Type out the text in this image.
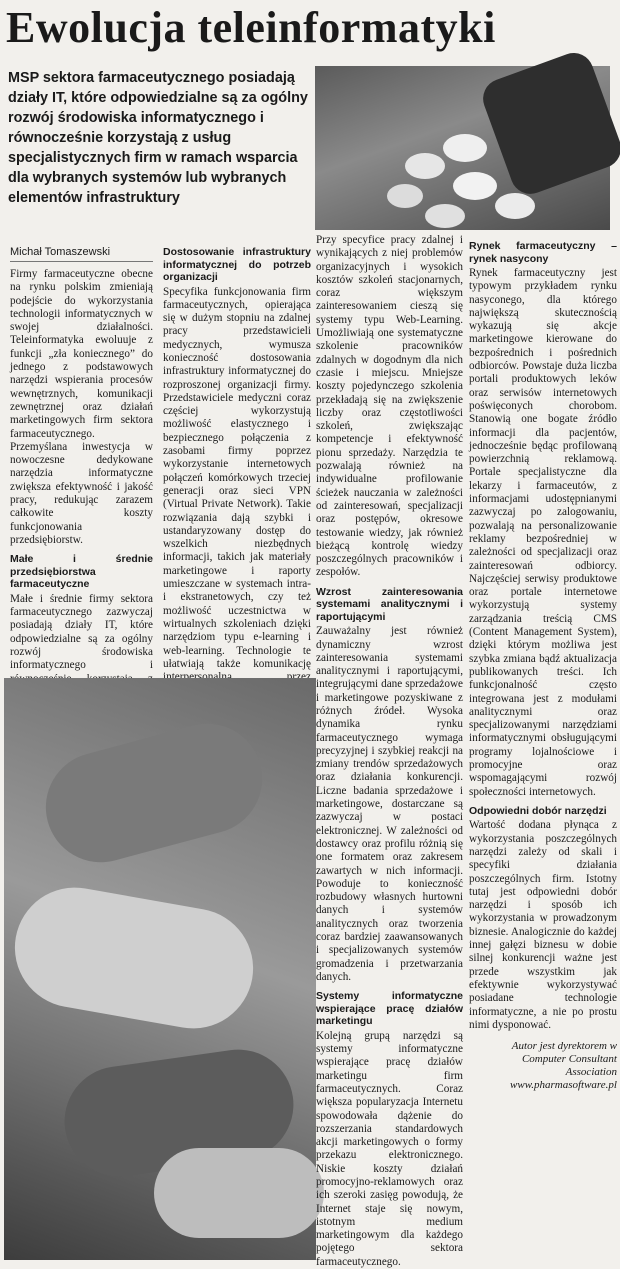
Ewolucja teleinformatyki
MSP sektora farmaceutycznego posiadają działy IT, które odpowiedzialne są za ogólny rozwój środowiska informatycznego i równocześnie korzystają z usług specjalistycznych firm w ramach wsparcia dla wybranych systemów lub wybranych elementów infrastruktury
Michał Tomaszewski

Firmy farmaceutyczne obecne na rynku polskim zmieniają podejście do wykorzystania technologii informatycznych w swojej działalności. Teleinformatyka ewoluuje z funkcji „zła koniecznego” do jednego z podstawowych narzędzi wspierania procesów wewnętrznych, komunikacji zewnętrznej oraz działań marketingowych firm sektora farmaceutycznego. Przemyślana inwestycja w nowoczesne dedykowane narzędzia informatyczne zwiększa efektywność i jakość pracy, redukując zarazem całkowite koszty funkcjonowania przedsiębiorstw.

Małe i średnie przedsiębiorstwa farmaceutyczne

Małe i średnie firmy sektora farmaceutycznego zazwyczaj posiadają działy IT, które odpowiedzialne są za ogólny rozwój środowiska informatycznego i

Dostosowanie infrastruktury informatycznej do potrzeb organizacji

Specyfika funkcjonowania firm farmaceutycznych, opierająca się w dużym stopniu na zdalnej pracy przedstawicieli medycznych, wymusza konieczność dostosowania infrastruktury informatycznej do rozproszonej organizacji firmy. Przedstawiciele medyczni coraz częściej wykorzystują możliwość elastycznego i bezpiecznego połączenia z zasobami firmy poprzez wykorzystanie internetowych połączeń komórkowych trzeciej generacji oraz sieci VPN (Virtual Private Network). Takie rozwiązania dają szybki i ustandaryzowany dostęp do wszelkich niezbędnych informacji, takich jak materiały marketingowe i raporty umieszczane w systemach intra- i ekstranetowych, czy też możliwość uczestnictwa w wirtualnych szkoleniach dzięki narzędziom typu e-learning i web-learning. Technologie te ułatwiają także komunikację

Przy specyfice pracy zdalnej i wynikających z niej problemów organizacyjnych i wysokich kosztów szkoleń stacjonarnych, coraz większym zainteresowaniem cieszą się systemy typu Web-Learning. Umożliwiają one systematyczne szkolenie pracowników zdalnych w dogodnym dla nich czasie i miejscu. Mniejsze koszty pojedynczego szkolenia przekładają się na zwiększenie liczby oraz częstotliwości szkoleń, zwiększając kompetencje i efektywność pionu sprzedaży. Narzędzia te pozwalają również na indywidualne profilowanie ścieżek nauczania w zależności od zainteresowań, specjalizacji oraz postępów, okresowe testowanie wiedzy, jak również bieżącą kontrolę wiedzy poszczególnych pracowników i zespołów.

Wzrost zainteresowania systemami analitycznymi i raportującymi

Zauważalny jest również dynamiczny wzrost zainteresowania systemami analitycznymi i raportującymi, integrującymi dane sprzedażowe i marketingowe pozyskiwane z różnych źródeł. Wysoka dynamika rynku farmaceutycznego wymaga precyzyjnej i szybkiej reakcji na zmiany trendów sprzedażowych oraz działania konkurencji. Liczne badania sprzedażowe i marketingowe, dostarczane są zazwyczaj w postaci elektronicznej. W zależności od dostawcy oraz profilu różnią się one formatem oraz zakresem zawartych w nich informacji. Powoduje to konieczność rozbudowy własnych hurtowni danych i systemów analitycznych oraz tworzenia coraz bardziej zaawansowanych i specjalizowanych systemów gromadzenia i przetwarzania danych.

Systemy informatyczne wspierające pracę działów marketingu

Kolejną grupą narzędzi są systemy informatyczne wspierające pracę działów marketingu firm farmaceutycznych. Coraz większa popularyzacja Internetu spowodowała dążenie do rozszerzania standardowych akcji marketingowych o formy przekazu elektronicznego. Niskie koszty działań promocyjno-reklamowych oraz ich szeroki zasięg powodują, że Internet staje się nowym, istotnym medium marketingowym dla każdego pojętego sektora farmaceutycznego.

Rynek farmaceutyczny – rynek nasycony

Rynek farmaceutyczny jest typowym przykładem rynku nasyconego, dla którego największą skutecznością wykazują się akcje marketingowe kierowane do bezpośrednich i pośrednich odbiorców. Powstaje duża liczba portali produktowych leków oraz serwisów internetowych poświęconych chorobom. Stanowią one bogate źródło informacji dla pacjentów, jednocześnie będąc profilowaną powierzchnią reklamową. Portale specjalistyczne dla lekarzy i farmaceutów, z informacjami udostępnianymi zazwyczaj po zalogowaniu, pozwalają na personalizowanie reklamy bezpośredniej w zależności od specjalizacji oraz zainteresowań odbiorcy. Najczęściej serwisy produktowe oraz portale internetowe wykorzystują systemy zarządzania treścią CMS (Content Management System), dzięki którym możliwa jest szybka zmiana bądź aktualizacja publikowanych treści. Ich funkcjonalność często integrowana jest z modułami analitycznymi oraz specjalizowanymi narzędziami informatycznymi obsługującymi programy lojalnościowe i promocyjne oraz wspomagającymi rozwój społeczności internetowych.

Odpowiedni dobór narzędzi

Wartość dodana płynąca z wykorzystania poszczególnych narzędzi zależy od skali i specyfiki działania poszczególnych firm. Istotny tutaj jest odpowiedni dobór narzędzi i sposób ich wykorzystania w prowadzonym biznesie. Analogicznie do każdej innej gałęzi biznesu w dobie silnej konkurencji ważne jest przede wszystkim jak efektywnie wykorzystywać posiadane technologie informatyczne, a nie po prostu nimi dysponować.

Autor jest dyrektorem w Computer Consultant Association www.pharmasoftware.pl
